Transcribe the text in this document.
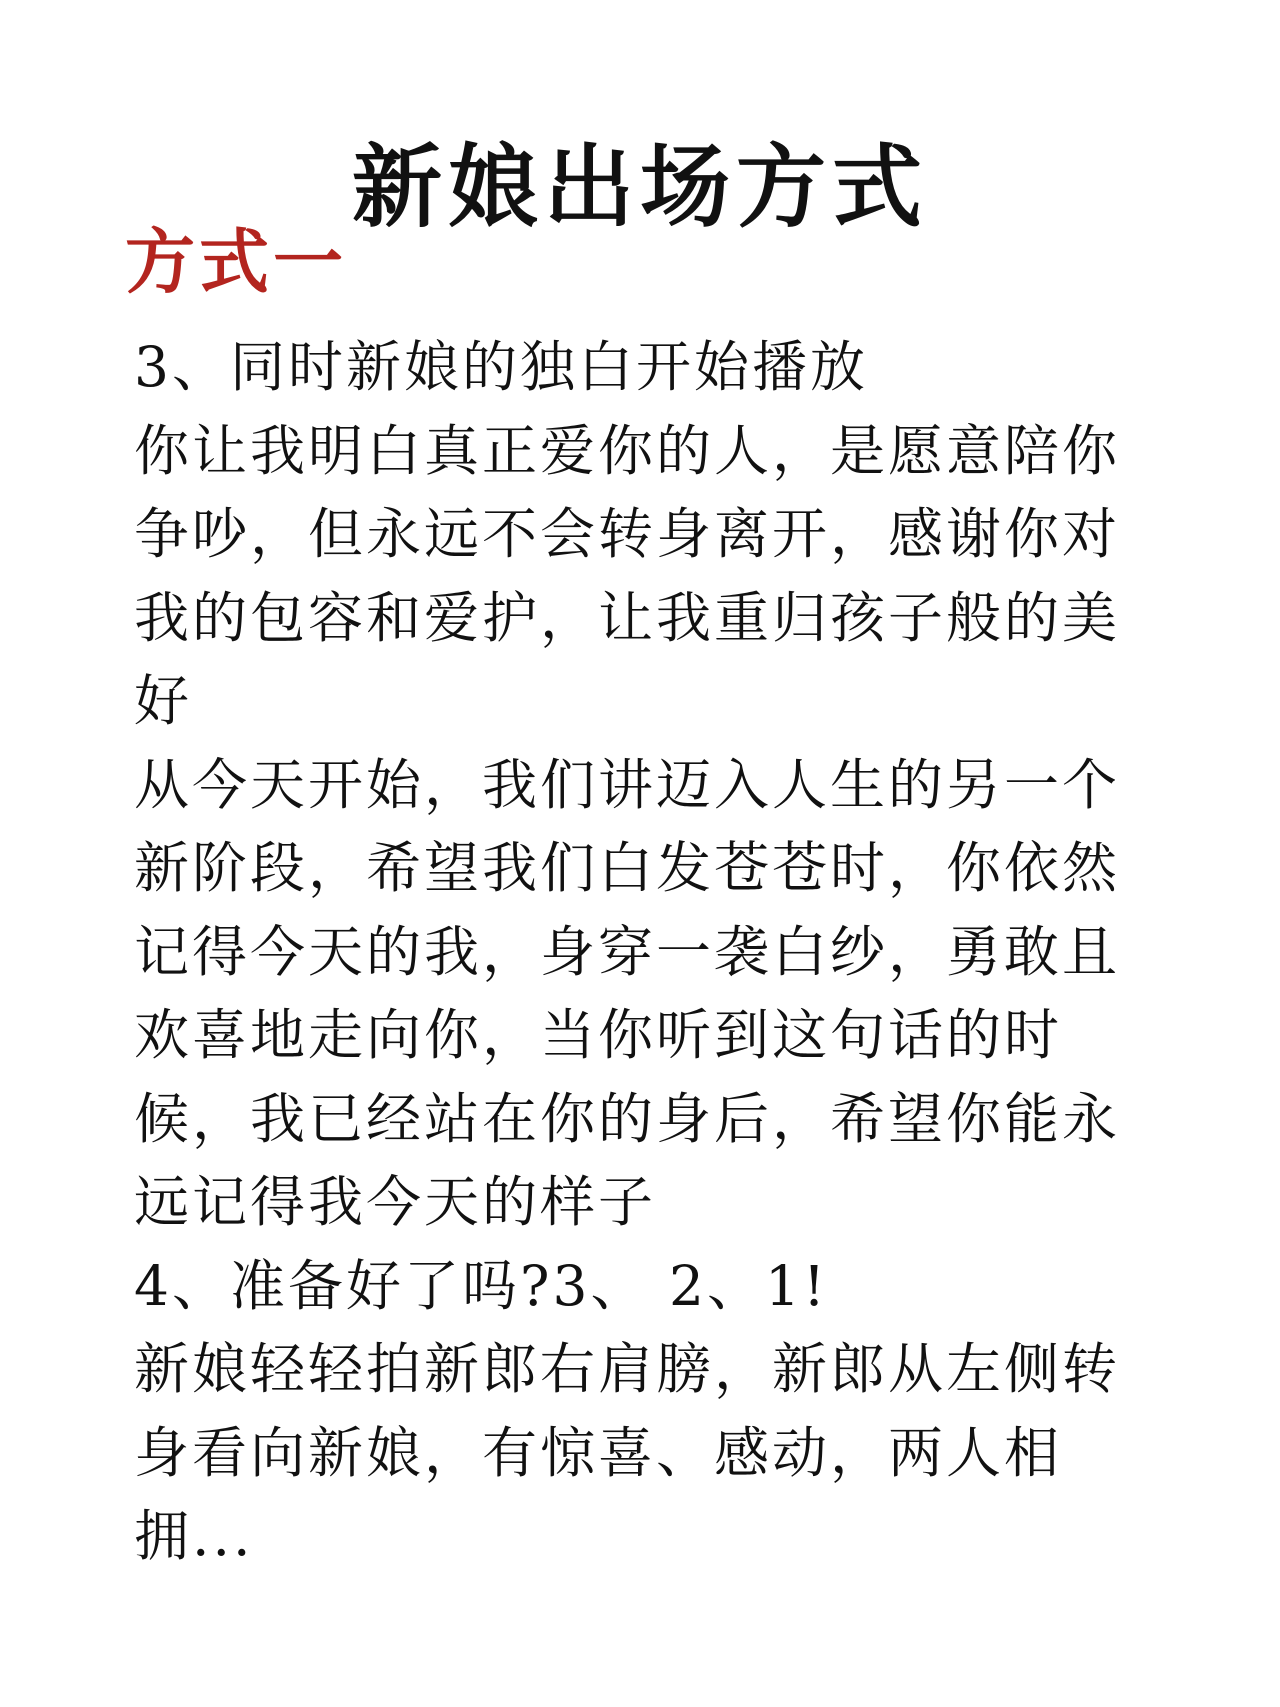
新娘出场方式
方式一

3、同时新娘的独白开始播放

你让我明白真正爱你的人，是愿意陪你
争吵，但永远不会转身离开，感谢你对
我的包容和爱护，让我重归孩子般的美
好

从今天开始，我们讲迈入人生的另一个
新阶段，希望我们白发苍苍时，你依然
记得今天的我，身穿一袭白纱，勇敢且
欢喜地走向你，当你听到这句话的时
候，我已经站在你的身后，希望你能永
远记得我今天的样子

4、准备好了吗?3、 2、1!

新娘轻轻拍新郎右肩膀，新郎从左侧转
身看向新娘，有惊喜、感动，两人相
拥...
